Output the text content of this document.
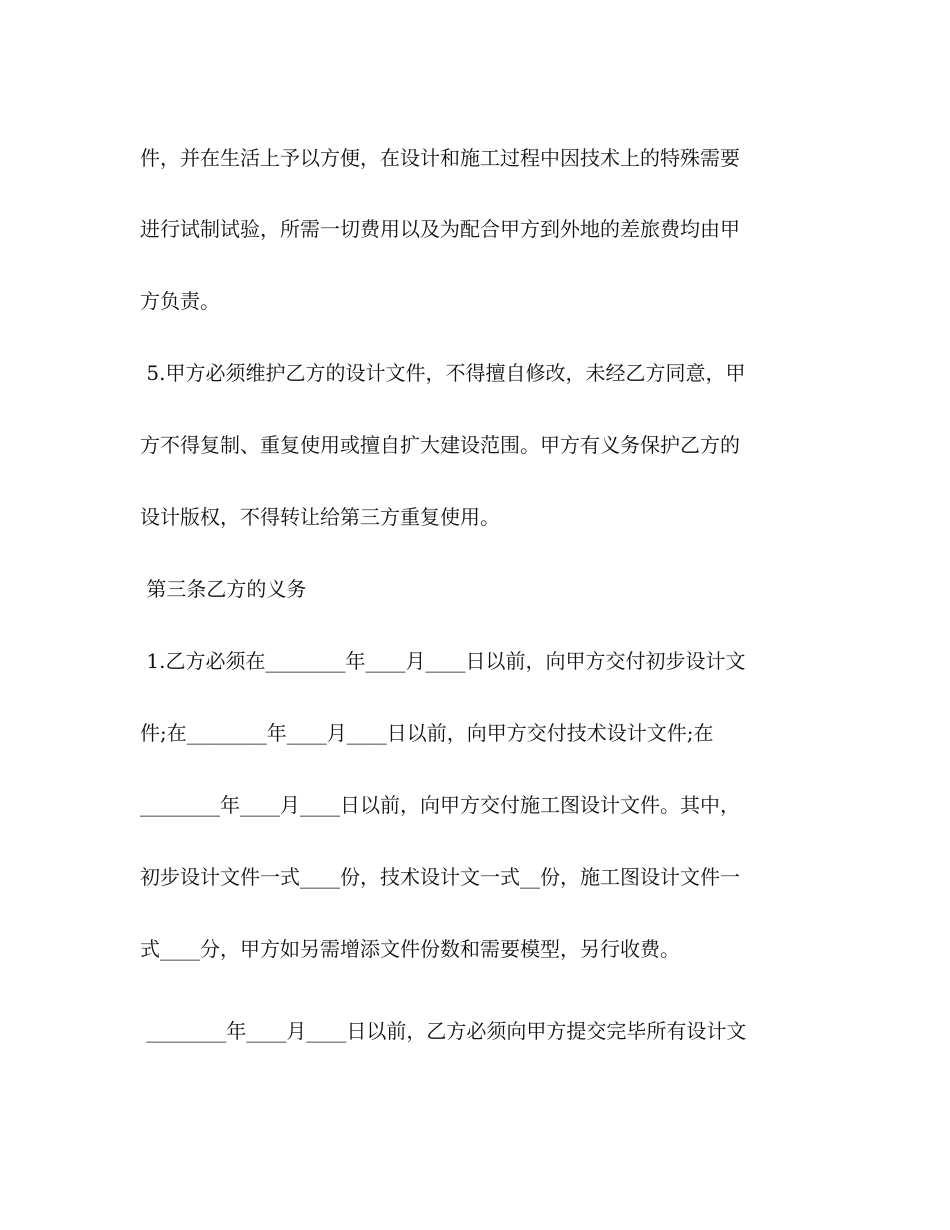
件，并在生活上予以方便，在设计和施工过程中因技术上的特殊需要
进行试制试验，所需一切费用以及为配合甲方到外地的差旅费均由甲
方负责。
5.甲方必须维护乙方的设计文件，不得擅自修改，未经乙方同意，甲
方不得复制、重复使用或擅自扩大建设范围。甲方有义务保护乙方的
设计版权，不得转让给第三方重复使用。
第三条乙方的义务
1.乙方必须在________年____月____日以前，向甲方交付初步设计文
件;在________年____月____日以前，向甲方交付技术设计文件;在
________年____月____日以前，向甲方交付施工图设计文件。其中，
初步设计文件一式____份，技术设计文一式__份，施工图设计文件一
式____分，甲方如另需增添文件份数和需要模型，另行收费。
________年____月____日以前，乙方必须向甲方提交完毕所有设计文
